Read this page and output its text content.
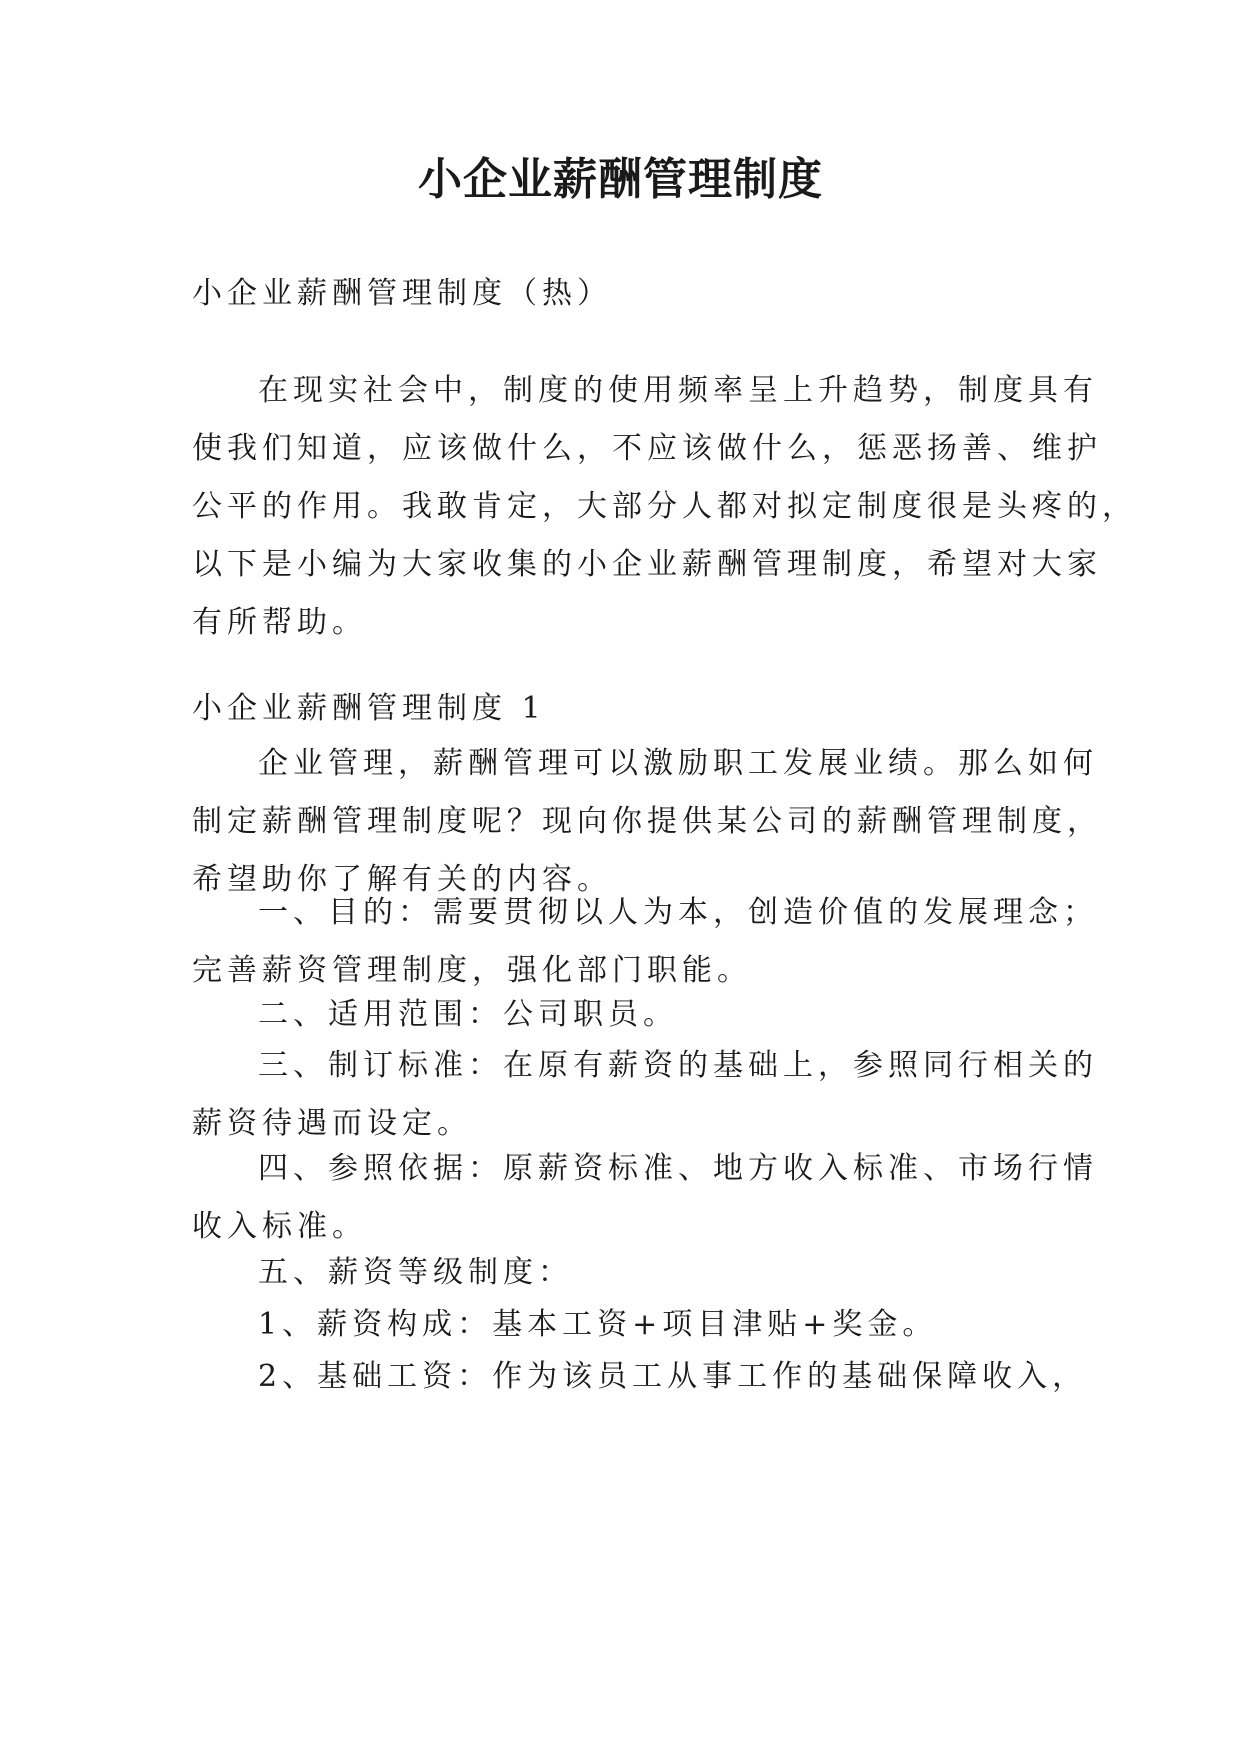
小企业薪酬管理制度

小企业薪酬管理制度（热）

在现实社会中，制度的使用频率呈上升趋势，制度具有
使我们知道，应该做什么，不应该做什么，惩恶扬善、维护
公平的作用。我敢肯定，大部分人都对拟定制度很是头疼的，
以下是小编为大家收集的小企业薪酬管理制度，希望对大家
有所帮助。

小企业薪酬管理制度 1

企业管理，薪酬管理可以激励职工发展业绩。那么如何
制定薪酬管理制度呢？现向你提供某公司的薪酬管理制度，
希望助你了解有关的内容。

一、目的：需要贯彻以人为本，创造价值的发展理念；
完善薪资管理制度，强化部门职能。

二、适用范围：公司职员。

三、制订标准：在原有薪资的基础上，参照同行相关的
薪资待遇而设定。

四、参照依据：原薪资标准、地方收入标准、市场行情
收入标准。

五、薪资等级制度：

1、薪资构成：基本工资+项目津贴+奖金。

2、基础工资：作为该员工从事工作的基础保障收入，
